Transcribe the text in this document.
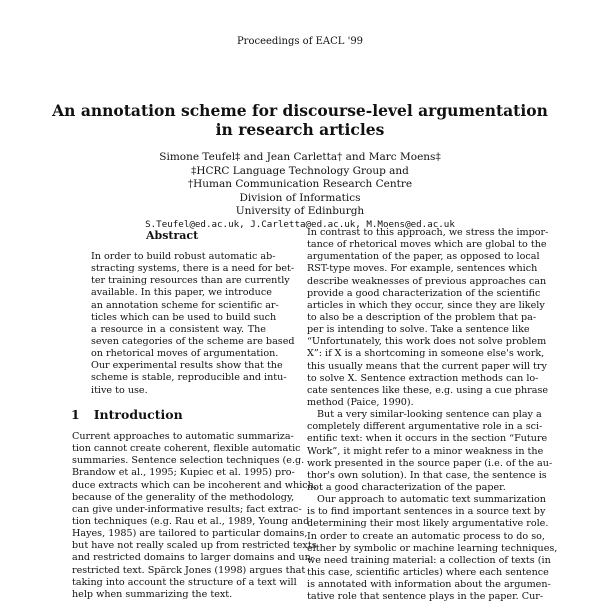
Proceedings of EACL '99
An annotation scheme for discourse-level argumentation
in research articles
Simone Teufel‡ and Jean Carletta† and Marc Moens‡
‡HCRC Language Technology Group and
†Human Communication Research Centre
Division of Informatics
University of Edinburgh
S.Teufel@ed.ac.uk, J.Carletta@ed.ac.uk, M.Moens@ed.ac.uk
Abstract
In order to build robust automatic ab-
stracting systems, there is a need for bet-
ter training resources than are currently
available. In this paper, we introduce
an annotation scheme for scientific ar-
ticles which can be used to build such
a resource in a consistent way. The
seven categories of the scheme are based
on rhetorical moves of argumentation.
Our experimental results show that the
scheme is stable, reproducible and intu-
itive to use.
1 Introduction
Current approaches to automatic summariza-
tion cannot create coherent, flexible automatic
summaries. Sentence selection techniques (e.g.
Brandow et al., 1995; Kupiec et al. 1995) pro-
duce extracts which can be incoherent and which,
because of the generality of the methodology,
can give under-informative results; fact extrac-
tion techniques (e.g. Rau et al., 1989, Young and
Hayes, 1985) are tailored to particular domains,
but have not really scaled up from restricted texts
and restricted domains to larger domains and un-
restricted text. Spärck Jones (1998) argues that
taking into account the structure of a text will
help when summarizing the text.
In contrast to this approach, we stress the impor-
tance of rhetorical moves which are global to the
argumentation of the paper, as opposed to local
RST-type moves. For example, sentences which
describe weaknesses of previous approaches can
provide a good characterization of the scientific
articles in which they occur, since they are likely
to also be a description of the problem that pa-
per is intending to solve. Take a sentence like
“Unfortunately, this work does not solve problem
X”: if X is a shortcoming in someone else's work,
this usually means that the current paper will try
to solve X. Sentence extraction methods can lo-
cate sentences like these, e.g. using a cue phrase
method (Paice, 1990).
But a very similar-looking sentence can play a
completely different argumentative role in a sci-
entific text: when it occurs in the section “Future
Work”, it might refer to a minor weakness in the
work presented in the source paper (i.e. of the au-
thor's own solution). In that case, the sentence is
not a good characterization of the paper.
Our approach to automatic text summarization
is to find important sentences in a source text by
determining their most likely argumentative role.
In order to create an automatic process to do so,
either by symbolic or machine learning techniques,
we need training material: a collection of texts (in
this case, scientific articles) where each sentence
is annotated with information about the argumen-
tative role that sentence plays in the paper. Cur-
